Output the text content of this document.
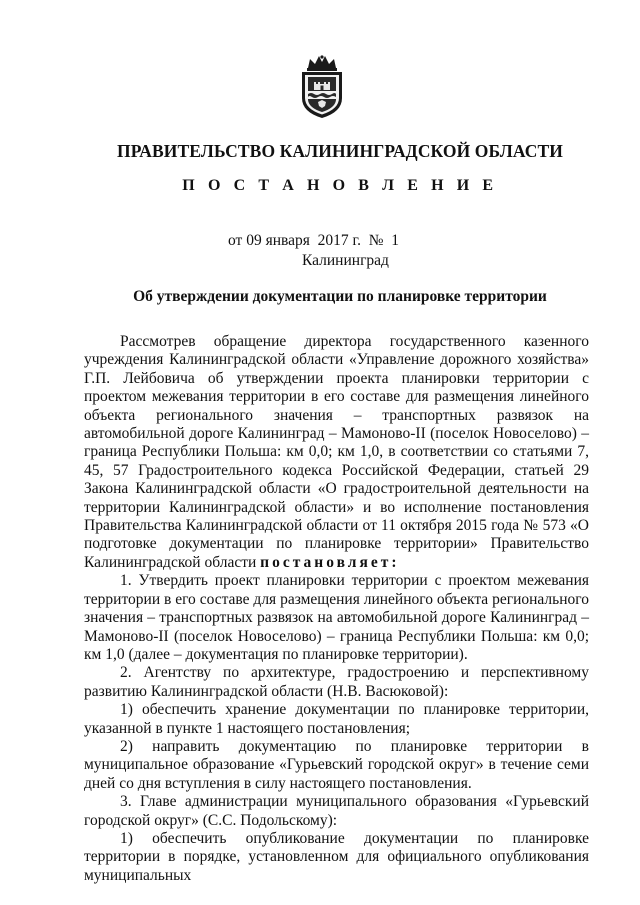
ПРАВИТЕЛЬСТВО КАЛИНИНГРАДСКОЙ ОБЛАСТИ
П О С Т А Н О В Л Е Н И Е
от 09 января  2017 г.  №  1
Калининград
Об утверждении документации по планировке территории

Рассмотрев обращение директора государственного казенного учреждения Калининградской области «Управление дорожного хозяйства» Г.П. Лейбовича об утверждении проекта планировки территории с проектом межевания территории в его составе для размещения линейного объекта регионального значения – транспортных развязок на автомобильной дороге Калининград – Мамоново-II (поселок Новоселово) – граница Республики Польша: км 0,0; км 1,0, в соответствии со статьями 7, 45, 57 Градостроительного кодекса Российской Федерации, статьей 29 Закона Калининградской области «О градостроительной деятельности на территории Калининградской области» и во исполнение постановления Правительства Калининградской области от 11 октября 2015 года № 573 «О подготовке документации по планировке территории» Правительство Калининградской области постановляет:

1. Утвердить проект планировки территории с проектом межевания территории в его составе для размещения линейного объекта регионального значения – транспортных развязок на автомобильной дороге Калининград – Мамоново-II (поселок Новоселово) – граница Республики Польша: км 0,0; км 1,0 (далее – документация по планировке территории).

2. Агентству по архитектуре, градостроению и перспективному развитию Калининградской области (Н.В. Васюковой):

1) обеспечить хранение документации по планировке территории, указанной в пункте 1 настоящего постановления;

2) направить документацию по планировке территории в муниципальное образование «Гурьевский городской округ» в течение семи дней со дня вступления в силу настоящего постановления.

3. Главе администрации муниципального образования «Гурьевский городской округ» (С.С. Подольскому):

1) обеспечить опубликование документации по планировке территории в порядке, установленном для официального опубликования муниципальных
